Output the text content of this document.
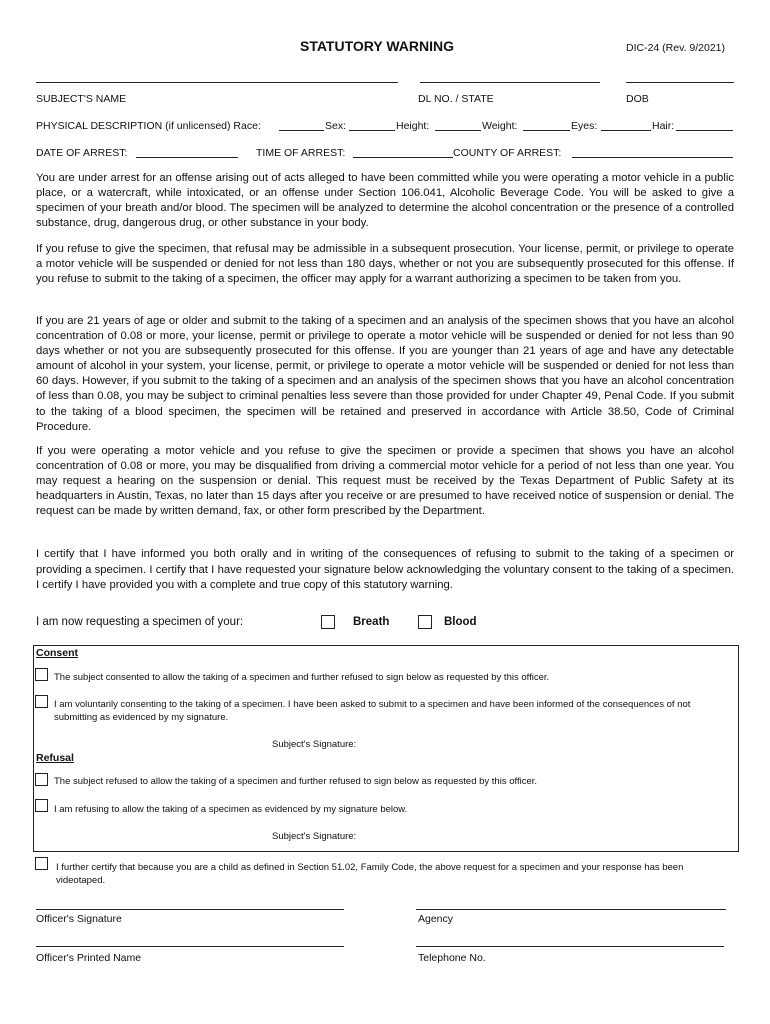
STATUTORY WARNING	DIC-24 (Rev. 9/2021)
SUBJECT'S NAME	DL NO. / STATE	DOB
PHYSICAL DESCRIPTION (if unlicensed) Race:	Sex:	Height:	Weight:	Eyes:	Hair:
DATE OF ARREST:	TIME OF ARREST:	COUNTY OF ARREST:

You are under arrest for an offense arising out of acts alleged to have been committed while you were operating a motor vehicle in a public place, or a watercraft, while intoxicated, or an offense under Section 106.041, Alcoholic Beverage Code. You will be asked to give a specimen of your breath and/or blood. The specimen will be analyzed to determine the alcohol concentration or the presence of a controlled substance, drug, dangerous drug, or other substance in your body.

If you refuse to give the specimen, that refusal may be admissible in a subsequent prosecution. Your license, permit, or privilege to operate a motor vehicle will be suspended or denied for not less than 180 days, whether or not you are subsequently prosecuted for this offense. If you refuse to submit to the taking of a specimen, the officer may apply for a warrant authorizing a specimen to be taken from you.

If you are 21 years of age or older and submit to the taking of a specimen and an analysis of the specimen shows that you have an alcohol concentration of 0.08 or more, your license, permit or privilege to operate a motor vehicle will be suspended or denied for not less than 90 days whether or not you are subsequently prosecuted for this offense. If you are younger than 21 years of age and have any detectable amount of alcohol in your system, your license, permit, or privilege to operate a motor vehicle will be suspended or denied for not less than 60 days. However, if you submit to the taking of a specimen and an analysis of the specimen shows that you have an alcohol concentration of less than 0.08, you may be subject to criminal penalties less severe than those provided for under Chapter 49, Penal Code. If you submit to the taking of a blood specimen, the specimen will be retained and preserved in accordance with Article 38.50, Code of Criminal Procedure.

If you were operating a motor vehicle and you refuse to give the specimen or provide a specimen that shows you have an alcohol concentration of 0.08 or more, you may be disqualified from driving a commercial motor vehicle for a period of not less than one year. You may request a hearing on the suspension or denial. This request must be received by the Texas Department of Public Safety at its headquarters in Austin, Texas, no later than 15 days after you receive or are presumed to have received notice of suspension or denial. The request can be made by written demand, fax, or other form prescribed by the Department.

I certify that I have informed you both orally and in writing of the consequences of refusing to submit to the taking of a specimen or providing a specimen. I certify that I have requested your signature below acknowledging the voluntary consent to the taking of a specimen. I certify I have provided you with a complete and true copy of this statutory warning.

I am now requesting a specimen of your:	Breath	Blood
Consent
The subject consented to allow the taking of a specimen and further refused to sign below as requested by this officer.
I am voluntarily consenting to the taking of a specimen. I have been asked to submit to a specimen and have been informed of the consequences of not submitting as evidenced by my signature.
Subject's Signature:
Refusal
The subject refused to allow the taking of a specimen and further refused to sign below as requested by this officer.
I am refusing to allow the taking of a specimen as evidenced by my signature below.
Subject's Signature:
I further certify that because you are a child as defined in Section 51.02, Family Code, the above request for a specimen and your response has been videotaped.
Officer's Signature	Agency
Officer's Printed Name	Telephone No.
